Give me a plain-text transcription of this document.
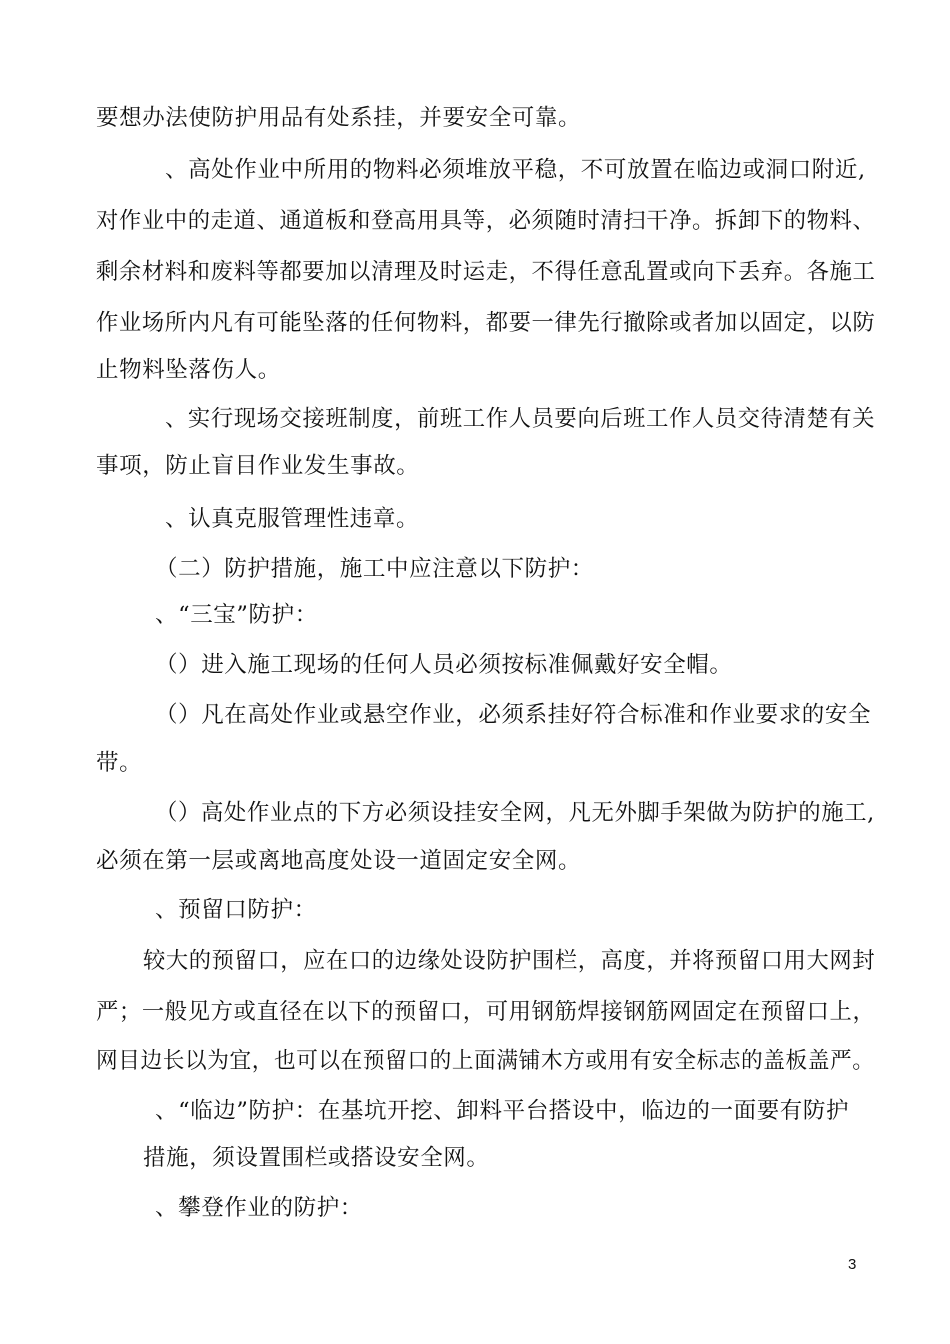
要想办法使防护用品有处系挂，并要安全可靠。
、高处作业中所用的物料必须堆放平稳，不可放置在临边或洞口附近,
对作业中的走道、通道板和登高用具等，必须随时清扫干净。拆卸下的物料、
剩余材料和废料等都要加以清理及时运走，不得任意乱置或向下丢弃。各施工
作业场所内凡有可能坠落的任何物料，都要一律先行撤除或者加以固定，以防
止物料坠落伤人。
、实行现场交接班制度，前班工作人员要向后班工作人员交待清楚有关
事项，防止盲目作业发生事故。
、认真克服管理性违章。
（二）防护措施，施工中应注意以下防护：
、“三宝”防护：
（）进入施工现场的任何人员必须按标准佩戴好安全帽。
（）凡在高处作业或悬空作业，必须系挂好符合标准和作业要求的安全
带。
（）高处作业点的下方必须设挂安全网，凡无外脚手架做为防护的施工,
必须在第一层或离地高度处设一道固定安全网。
、预留口防护：
较大的预留口，应在口的边缘处设防护围栏，高度，并将预留口用大网封
严；一般见方或直径在以下的预留口，可用钢筋焊接钢筋网固定在预留口上，
网目边长以为宜，也可以在预留口的上面满铺木方或用有安全标志的盖板盖严。
、“临边”防护：在基坑开挖、卸料平台搭设中，临边的一面要有防护
措施，须设置围栏或搭设安全网。
、攀登作业的防护：
3
